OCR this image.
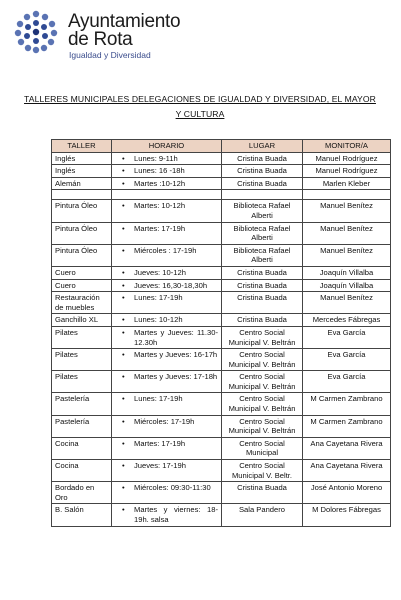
Ayuntamiento
de Rota
Igualdad y Diversidad
TALLERES MUNICIPALES DELEGACIONES DE IGUALDAD Y DIVERSIDAD, EL MAYOR
Y CULTURA
TALLER	HORARIO	LUGAR	MONITOR/A
Inglés	• Lunes: 9-11h	Cristina Buada	Manuel Rodríguez
Inglés	• Lunes: 16 -18h	Cristina Buada	Manuel Rodríguez
Alemán	• Martes :10-12h	Cristina Buada	Marlen Kleber

Pintura Óleo	• Martes: 10-12h	Biblioteca Rafael Alberti	Manuel Benítez
Pintura Óleo	• Martes: 17-19h	Biblioteca Rafael Alberti	Manuel Benítez
Pintura Óleo	• Miércoles : 17-19h	Biblioteca Rafael Alberti	Manuel Benítez
Cuero	• Jueves: 10-12h	Cristina Buada	Joaquín Villalba
Cuero	• Jueves: 16,30-18,30h	Cristina Buada	Joaquín Villalba
Restauración de muebles	• Lunes: 17-19h	Cristina Buada	Manuel Benítez
Ganchillo XL	• Lunes: 10-12h	Cristina Buada	Mercedes Fábregas
Pilates	• Martes y Jueves: 11.30-12.30h	Centro Social Municipal V. Beltrán	Eva García
Pilates	• Martes y Jueves: 16-17h	Centro Social Municipal V. Beltrán	Eva García
Pilates	• Martes y Jueves: 17-18h	Centro Social Municipal V. Beltrán	Eva García
Pastelería	• Lunes: 17-19h	Centro Social Municipal V. Beltrán	M Carmen Zambrano
Pastelería	• Miércoles: 17-19h	Centro Social Municipal V. Beltrán	M Carmen Zambrano
Cocina	• Martes: 17-19h	Centro Social Municipal	Ana Cayetana Rivera
Cocina	• Jueves: 17-19h	Centro Social Municipal V. Beltr.	Ana Cayetana Rivera
Bordado en Oro	• Miércoles: 09:30-11:30	Cristina Buada	José Antonio Moreno
B. Salón	• Martes y viernes: 18-19h. salsa	Sala Pandero	M Dolores Fábregas
